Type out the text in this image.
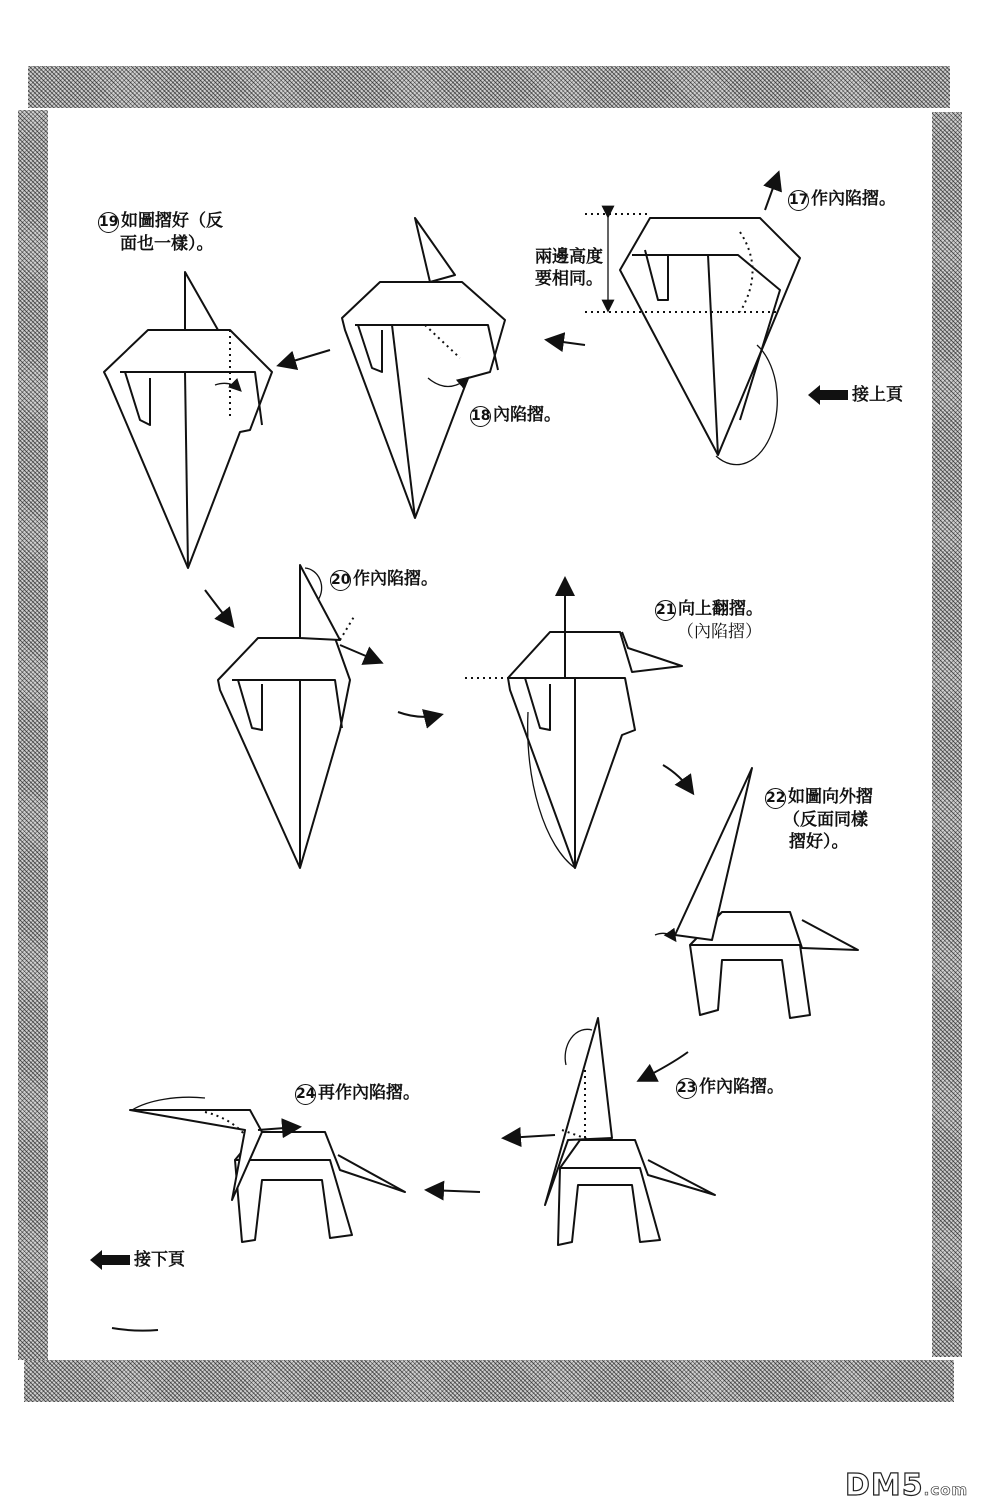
17 作內陷摺。
兩邊高度
要相同。
18 內陷摺。
19 如圖摺好（反
面也一樣）。
20 作內陷摺。
21 向上翻摺。
（內陷摺）
22 如圖向外摺
（反面同樣
摺好）。
23 作內陷摺。
24 再作內陷摺。
接上頁
接下頁
DM5.com
